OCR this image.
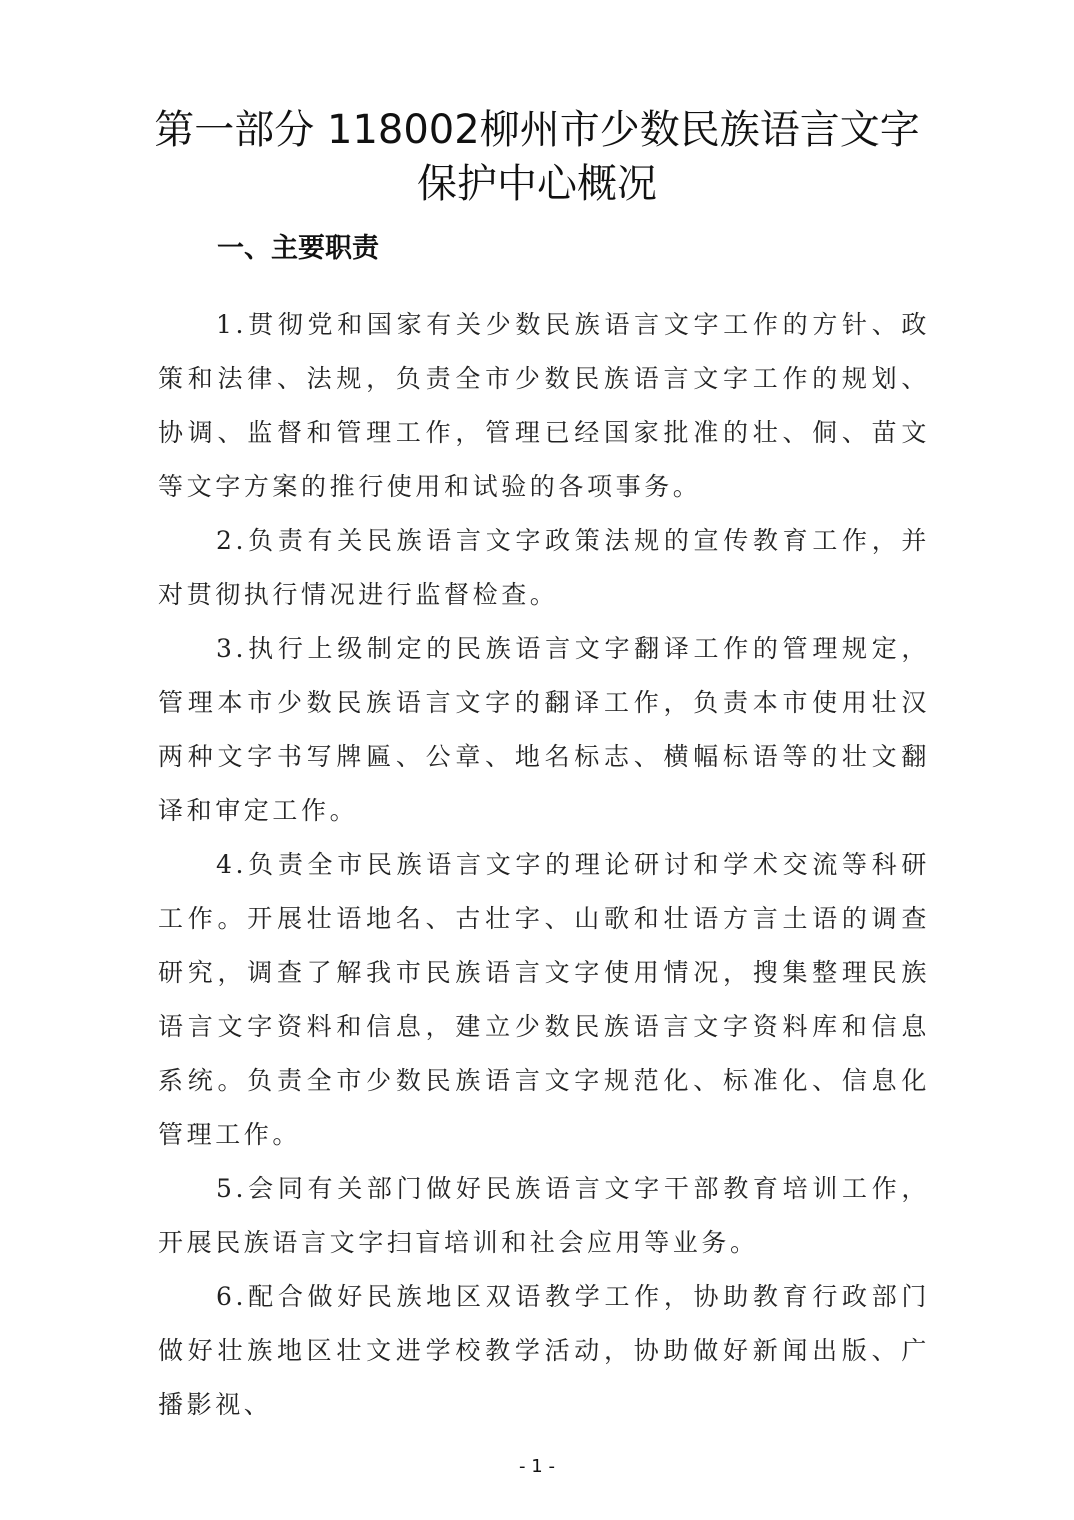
第一部分 118002柳州市少数民族语言文字
保护中心概况
一、主要职责

1.贯彻党和国家有关少数民族语言文字工作的方针、政策和法律、法规，负责全市少数民族语言文字工作的规划、协调、监督和管理工作，管理已经国家批准的壮、侗、苗文等文字方案的推行使用和试验的各项事务。

2.负责有关民族语言文字政策法规的宣传教育工作，并对贯彻执行情况进行监督检查。

3.执行上级制定的民族语言文字翻译工作的管理规定，管理本市少数民族语言文字的翻译工作，负责本市使用壮汉两种文字书写牌匾、公章、地名标志、横幅标语等的壮文翻译和审定工作。

4.负责全市民族语言文字的理论研讨和学术交流等科研工作。开展壮语地名、古壮字、山歌和壮语方言土语的调查研究，调查了解我市民族语言文字使用情况，搜集整理民族语言文字资料和信息，建立少数民族语言文字资料库和信息系统。负责全市少数民族语言文字规范化、标准化、信息化管理工作。

5.会同有关部门做好民族语言文字干部教育培训工作，开展民族语言文字扫盲培训和社会应用等业务。

6.配合做好民族地区双语教学工作，协助教育行政部门做好壮族地区壮文进学校教学活动，协助做好新闻出版、广播影视、

- 1 -
